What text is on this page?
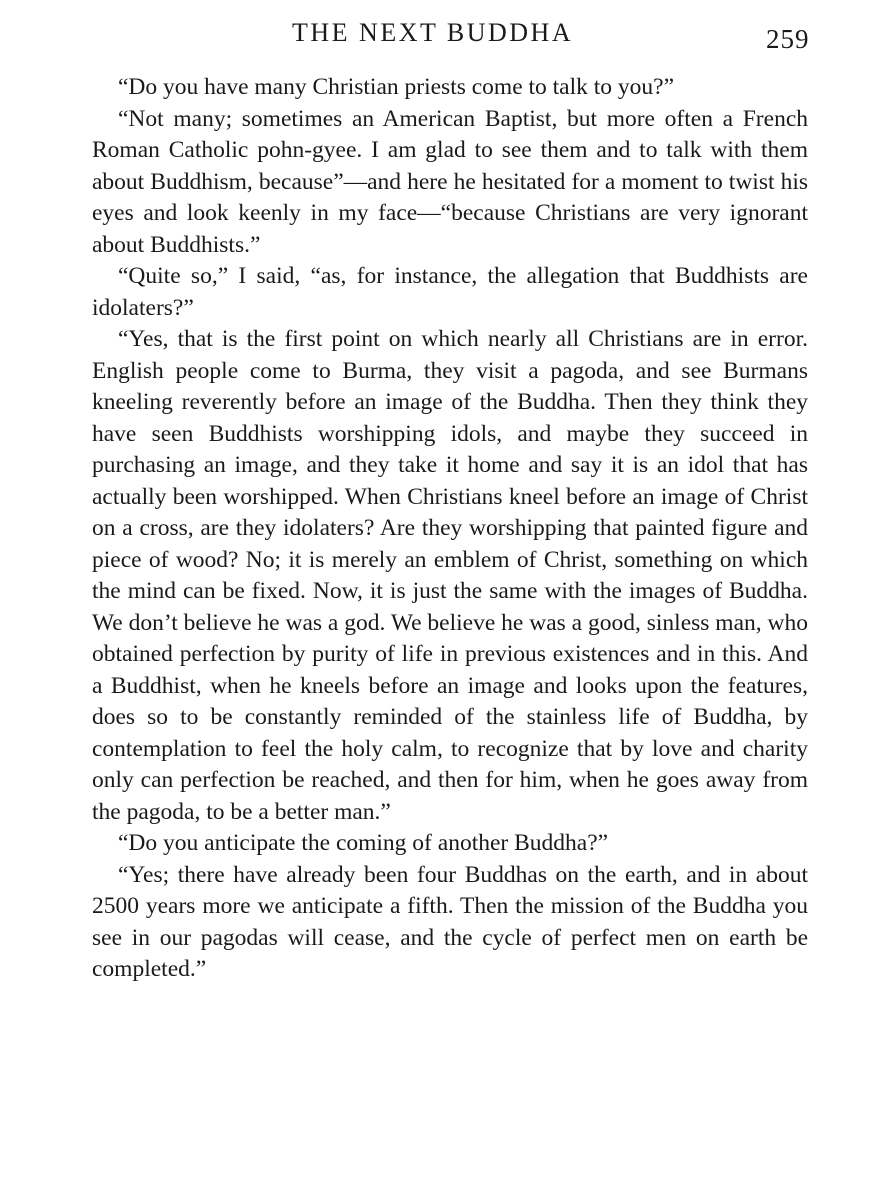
THE NEXT BUDDHA	259

“Do you have many Christian priests come to talk to you?”

“Not many; sometimes an American Baptist, but more often a French Roman Catholic pohn-gyee. I am glad to see them and to talk with them about Buddhism, because”—and here he hesitated for a moment to twist his eyes and look keenly in my face—“because Christians are very ignorant about Buddhists.”

“Quite so,” I said, “as, for instance, the allegation that Buddhists are idolaters?”

“Yes, that is the first point on which nearly all Christians are in error. English people come to Burma, they visit a pagoda, and see Burmans kneeling reverently before an image of the Buddha. Then they think they have seen Buddhists worshipping idols, and maybe they succeed in purchasing an image, and they take it home and say it is an idol that has actually been worshipped. When Christians kneel before an image of Christ on a cross, are they idolaters? Are they worshipping that painted figure and piece of wood? No; it is merely an emblem of Christ, something on which the mind can be fixed. Now, it is just the same with the images of Buddha. We don’t believe he was a god. We believe he was a good, sinless man, who obtained perfection by purity of life in previous existences and in this. And a Buddhist, when he kneels before an image and looks upon the features, does so to be constantly reminded of the stainless life of Buddha, by contemplation to feel the holy calm, to recognize that by love and charity only can perfection be reached, and then for him, when he goes away from the pagoda, to be a better man.”

“Do you anticipate the coming of another Buddha?”

“Yes; there have already been four Buddhas on the earth, and in about 2500 years more we anticipate a fifth. Then the mission of the Buddha you see in our pagodas will cease, and the cycle of perfect men on earth be completed.”
